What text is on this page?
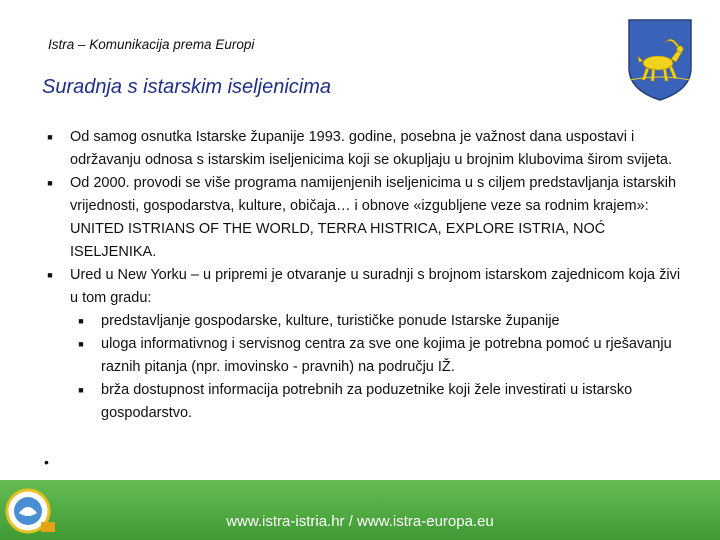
Istra – Komunikacija prema Europi
Suradnja s istarskim iseljenicima
■ Od samog osnutka Istarske županije 1993. godine, posebna je važnost dana uspostavi i održavanju odnosa s istarskim iseljenicima koji se okupljaju u brojnim klubovima širom svijeta.
■ Od 2000. provodi se više programa namijenjenih iseljenicima u s ciljem predstavljanja istarskih vrijednosti, gospodarstva, kulture, običaja… i obnove «izgubljene veze sa rodnim krajem»: UNITED ISTRIANS OF THE WORLD, TERRA HISTRICA, EXPLORE ISTRIA, NOĆ ISELJENIKA.
■ Ured u New Yorku – u pripremi je otvaranje u suradnji s brojnom istarskom zajednicom koja živi u tom gradu:
■ predstavljanje gospodarske, kulture, turističke ponude Istarske županije
■ uloga informativnog i servisnog centra za sve one kojima je potrebna pomoć u rješavanju raznih pitanja (npr. imovinsko - pravnih) na području IŽ.
■ brža dostupnost informacija potrebnih za poduzetnike koji žele investirati u istarsko gospodarstvo.
•
www.istra-istria.hr / www.istra-europa.eu
